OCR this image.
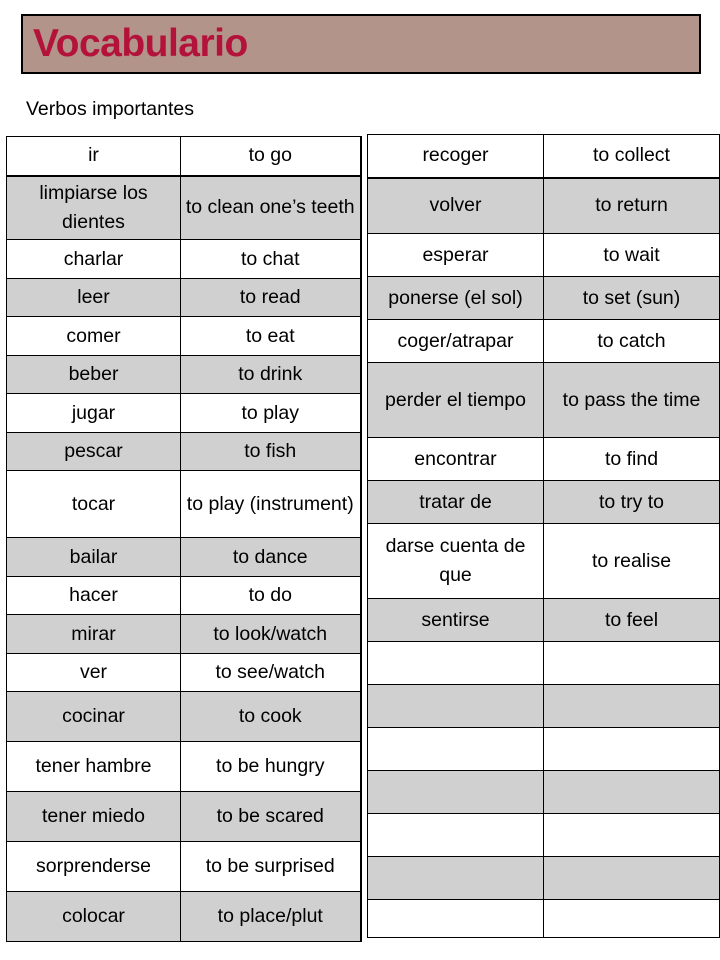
Vocabulario
Verbos importantes
ir	to go
limpiarse los dientes	to clean one’s teeth
charlar	to chat
leer	to read
comer	to eat
beber	to drink
jugar	to play
pescar	to fish
tocar	to play (instrument)
bailar	to dance
hacer	to do
mirar	to look/watch
ver	to see/watch
cocinar	to cook
tener hambre	to be hungry
tener miedo	to be scared
sorprenderse	to be surprised
colocar	to place/plut
recoger	to collect
volver	to return
esperar	to wait
ponerse (el sol)	to set (sun)
coger/atrapar	to catch
perder el tiempo	to pass the time
encontrar	to find
tratar de	to try to
darse cuenta de que	to realise
sentirse	to feel
